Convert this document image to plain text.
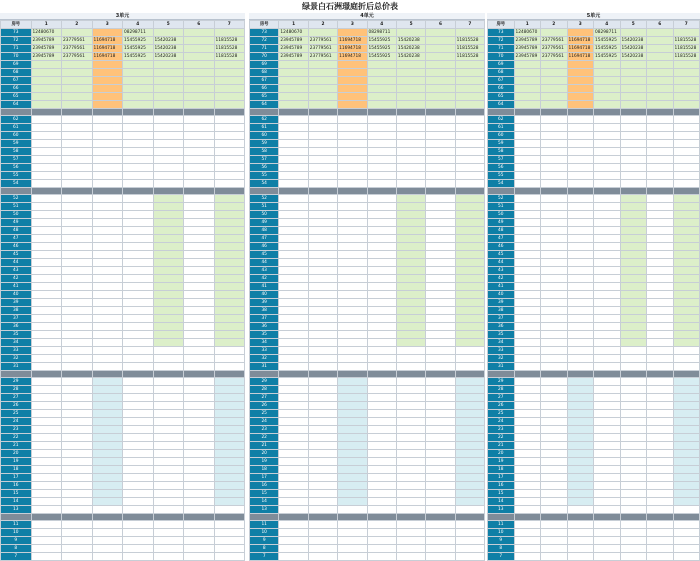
绿景白石洲璟庭折后总价表
3单元
房号	1	2	3	4	5	6	7
73	12480670			08298711			
72	23945789	23779561	11694718	15455925	15420238		11815528
71	23945789	23779561	11694718	15455925	15420238		11815528
70	23945789	23779561	11694718	15455925	15420238		11815528
69							
68							
67							
66							
65							
64							

62							
61							
60							
59							
58							
57							
56							
55							
54							

52							
51							
50							
49							
48							
47							
46							
45							
44							
43							
42							
41							
40							
39							
38							
37							
36							
35							
34							
33							
32							
31							

29							
28							
27							
26							
25							
24							
23							
22							
21							
20							
19							
18							
17							
16							
15							
14							
13							

11							
10							
9							
8							
7							
4单元
房号	1	2	3	4	5	6	7
73	12480670			08298711			
72	23945789	23779561	11694718	15455925	15420238		11815528
71	23945789	23779561	11694718	15455925	15420238		11815528
70	23945789	23779561	11694718	15455925	15420238		11815528
69							
68							
67							
66							
65							
64							

62							
61							
60							
59							
58							
57							
56							
55							
54							

52							
51							
50							
49							
48							
47							
46							
45							
44							
43							
42							
41							
40							
39							
38							
37							
36							
35							
34							
33							
32							
31							

29							
28							
27							
26							
25							
24							
23							
22							
21							
20							
19							
18							
17							
16							
15							
14							
13							

11							
10							
9							
8							
7							
5单元
房号	1	2	3	4	5	6	7
73	12480670			08298711			
72	23945789	23779561	11694718	15455925	15420238		11815528
71	23945789	23779561	11694718	15455925	15420238		11815528
70	23945789	23779561	11694718	15455925	15420238		11815528
69							
68							
67							
66							
65							
64							

62							
61							
60							
59							
58							
57							
56							
55							
54							

52							
51							
50							
49							
48							
47							
46							
45							
44							
43							
42							
41							
40							
39							
38							
37							
36							
35							
34							
33							
32							
31							

29							
28							
27							
26							
25							
24							
23							
22							
21							
20							
19							
18							
17							
16							
15							
14							
13							

11							
10							
9							
8							
7							
